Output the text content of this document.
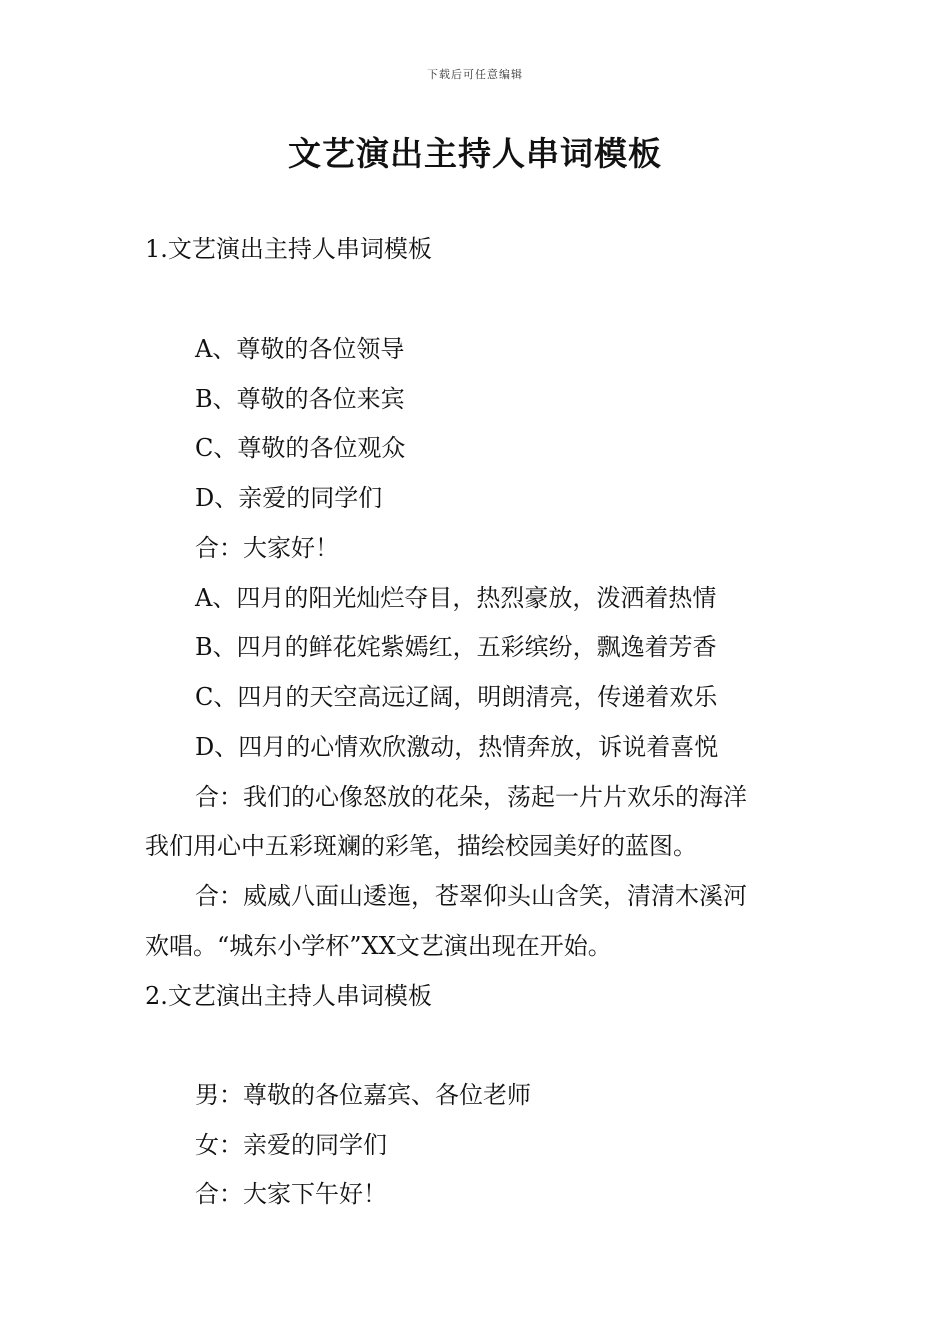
下载后可任意编辑
文艺演出主持人串词模板
1.文艺演出主持人串词模板
A、尊敬的各位领导
B、尊敬的各位来宾
C、尊敬的各位观众
D、亲爱的同学们
合：大家好！
A、四月的阳光灿烂夺目，热烈豪放，泼洒着热情
B、四月的鲜花姹紫嫣红，五彩缤纷，飘逸着芳香
C、四月的天空高远辽阔，明朗清亮，传递着欢乐
D、四月的心情欢欣激动，热情奔放，诉说着喜悦
合：我们的心像怒放的花朵，荡起一片片欢乐的海洋
我们用心中五彩斑斓的彩笔，描绘校园美好的蓝图。
合：威威八面山逶迤，苍翠仰头山含笑，清清木溪河
欢唱。“城东小学杯”XX文艺演出现在开始。
2.文艺演出主持人串词模板
男：尊敬的各位嘉宾、各位老师
女：亲爱的同学们
合：大家下午好！
